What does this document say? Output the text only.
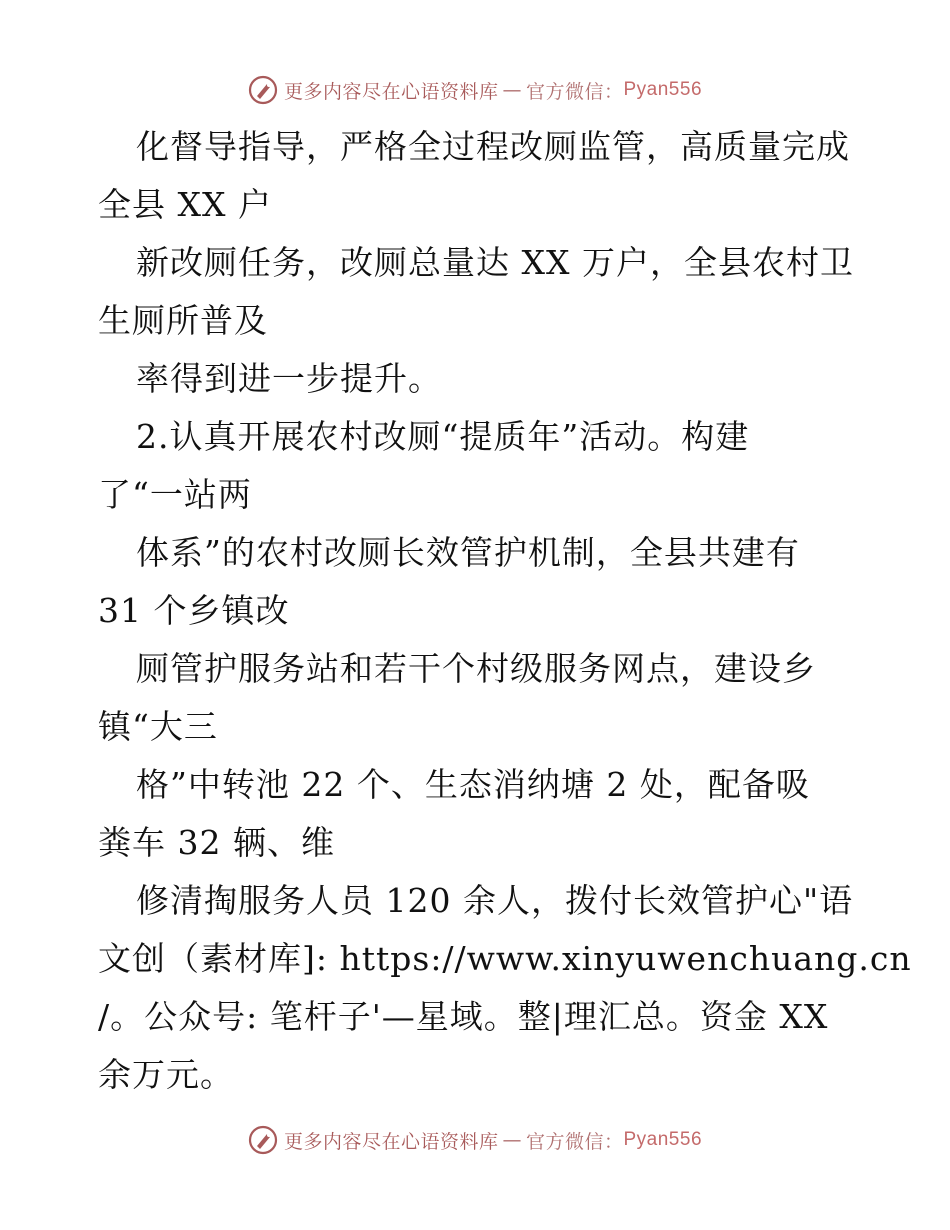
更多内容尽在心语资料库 — 官方微信： Pyan556
化督导指导，严格全过程改厕监管，高质量完成
全县 XX 户
新改厕任务，改厕总量达 XX 万户，全县农村卫
生厕所普及
率得到进一步提升。
2.认真开展农村改厕“提质年”活动。构建
了“一站两
体系”的农村改厕长效管护机制，全县共建有
31 个乡镇改
厕管护服务站和若干个村级服务网点，建设乡
镇“大三
格”中转池 22 个、生态消纳塘 2 处，配备吸
粪车 32 辆、维
修清掏服务人员 120 余人，拨付长效管护心"语
文创（素材库]: https://www.xinyuwenchuang.cn
/。公众号: 笔杆子'—星域。整|理汇总。资金 XX
余万元。
更多内容尽在心语资料库 — 官方微信： Pyan556
